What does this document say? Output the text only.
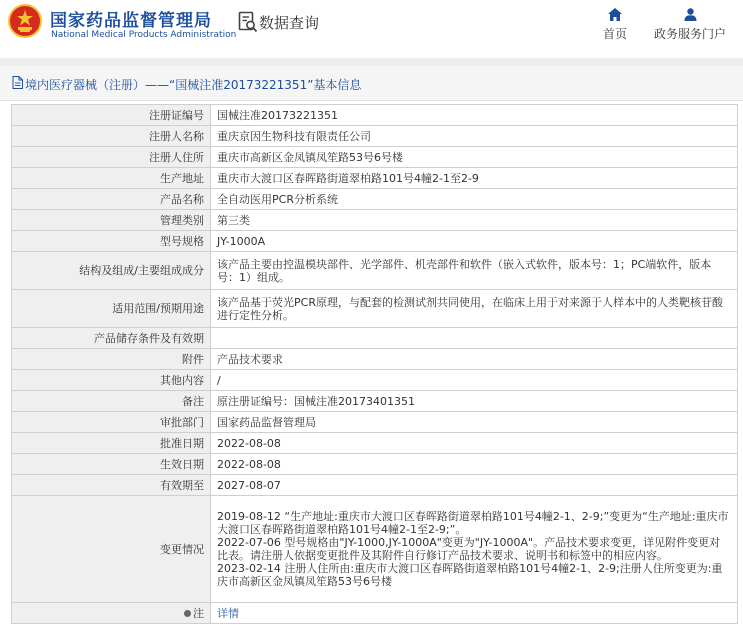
国家药品监督管理局
National Medical Products Administration
数据查询
首页 政务服务门户
境内医疗器械（注册）——“国械注准20173221351”基本信息
注册证编号	国械注准20173221351
注册人名称	重庆京因生物科技有限责任公司
注册人住所	重庆市高新区金凤镇凤笙路53号6号楼
生产地址	重庆市大渡口区春晖路街道翠柏路101号4幢2-1至2-9
产品名称	全自动医用PCR分析系统
管理类别	第三类
型号规格	JY-1000A
结构及组成/主要组成成分	该产品主要由控温模块部件、光学部件、机壳部件和软件（嵌入式软件，版本号：1；PC端软件，版本号：1）组成。
适用范围/预期用途	该产品基于荧光PCR原理，与配套的检测试剂共同使用，在临床上用于对来源于人样本中的人类靶核苷酸进行定性分析。
产品储存条件及有效期	
附件	产品技术要求
其他内容	/
备注	原注册证编号：国械注准20173401351
审批部门	国家药品监督管理局
批准日期	2022-08-08
生效日期	2022-08-08
有效期至	2027-08-07
变更情况	2019-08-12 “生产地址:重庆市大渡口区春晖路街道翠柏路101号4幢2-1、2-9;”变更为“生产地址:重庆市大渡口区春晖路街道翠柏路101号4幢2-1至2-9;”。
2022-07-06 型号规格由"JY-1000,JY-1000A"变更为"JY-1000A"。产品技术要求变更，详见附件变更对比表。请注册人依据变更批件及其附件自行修订产品技术要求、说明书和标签中的相应内容。
2023-02-14 注册人住所由:重庆市大渡口区春晖路街道翠柏路101号4幢2-1、2-9;注册人住所变更为:重庆市高新区金凤镇凤笙路53号6号楼

注	详情
